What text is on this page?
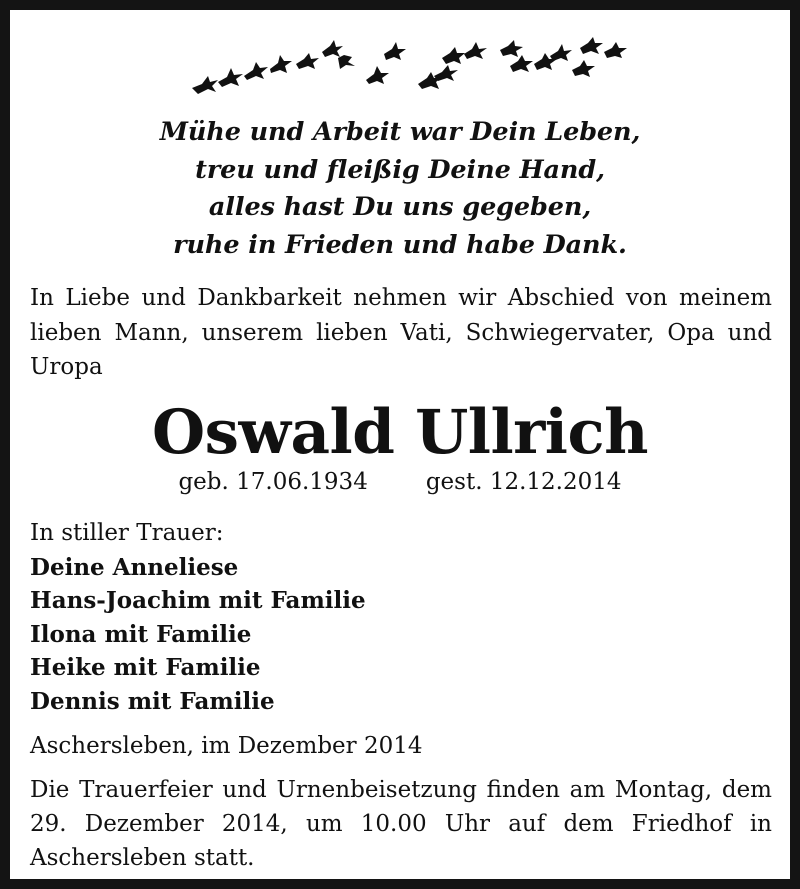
Mühe und Arbeit war Dein Leben,
treu und fleißig Deine Hand,
alles hast Du uns gegeben,
ruhe in Frieden und habe Dank.
In Liebe und Dankbarkeit nehmen wir Abschied von meinem lieben Mann, unserem lieben Vati, Schwiegervater, Opa und Uropa
Oswald Ullrich
geb. 17.06.1934	gest. 12.12.2014
In stiller Trauer:
Deine Anneliese
Hans-Joachim mit Familie
Ilona mit Familie
Heike mit Familie
Dennis mit Familie
Aschersleben, im Dezember 2014
Die Trauerfeier und Urnenbeisetzung finden am Montag, dem 29. Dezember 2014, um 10.00 Uhr auf dem Friedhof in Aschersleben statt.
